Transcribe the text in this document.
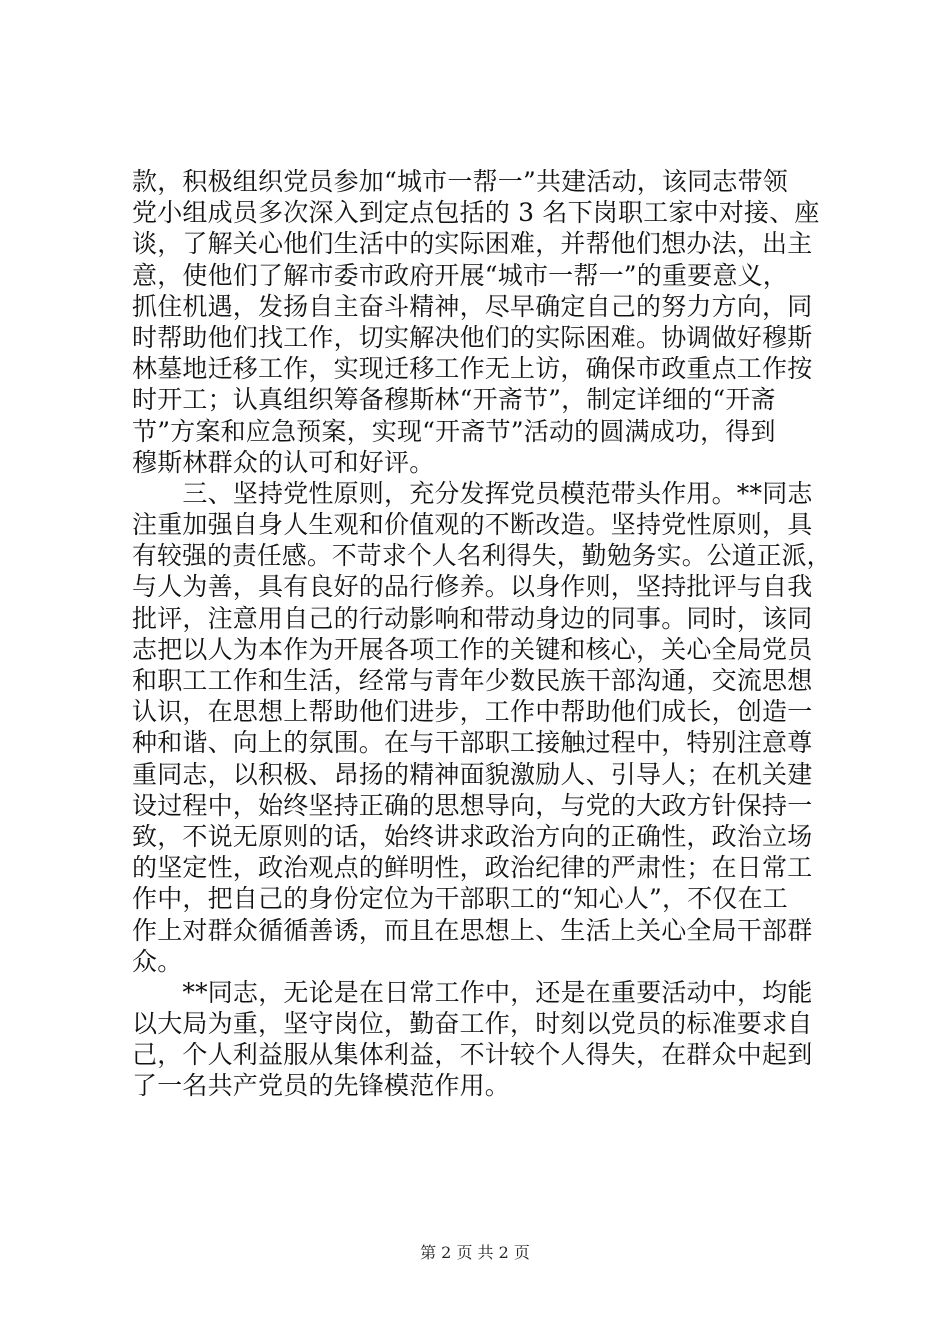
款，积极组织党员参加“城市一帮一”共建活动，该同志带领
党小组成员多次深入到定点包括的 3 名下岗职工家中对接、座
谈，了解关心他们生活中的实际困难，并帮他们想办法，出主
意，使他们了解市委市政府开展“城市一帮一”的重要意义，
抓住机遇，发扬自主奋斗精神，尽早确定自己的努力方向，同
时帮助他们找工作，切实解决他们的实际困难。协调做好穆斯
林墓地迁移工作，实现迁移工作无上访，确保市政重点工作按
时开工；认真组织筹备穆斯林“开斋节”，制定详细的“开斋
节”方案和应急预案，实现“开斋节”活动的圆满成功，得到
穆斯林群众的认可和好评。
　　三、坚持党性原则，充分发挥党员模范带头作用。**同志
注重加强自身人生观和价值观的不断改造。坚持党性原则，具
有较强的责任感。不苛求个人名利得失，勤勉务实。公道正派，
与人为善，具有良好的品行修养。以身作则，坚持批评与自我
批评，注意用自己的行动影响和带动身边的同事。同时，该同
志把以人为本作为开展各项工作的关键和核心，关心全局党员
和职工工作和生活，经常与青年少数民族干部沟通，交流思想
认识，在思想上帮助他们进步，工作中帮助他们成长，创造一
种和谐、向上的氛围。在与干部职工接触过程中，特别注意尊
重同志，以积极、昂扬的精神面貌激励人、引导人；在机关建
设过程中，始终坚持正确的思想导向，与党的大政方针保持一
致，不说无原则的话，始终讲求政治方向的正确性，政治立场
的坚定性，政治观点的鲜明性，政治纪律的严肃性；在日常工
作中，把自己的身份定位为干部职工的“知心人”，不仅在工
作上对群众循循善诱，而且在思想上、生活上关心全局干部群
众。
　　**同志，无论是在日常工作中，还是在重要活动中，均能
以大局为重，坚守岗位，勤奋工作，时刻以党员的标准要求自
己，个人利益服从集体利益，不计较个人得失，在群众中起到
了一名共产党员的先锋模范作用。
第 2 页 共 2 页
